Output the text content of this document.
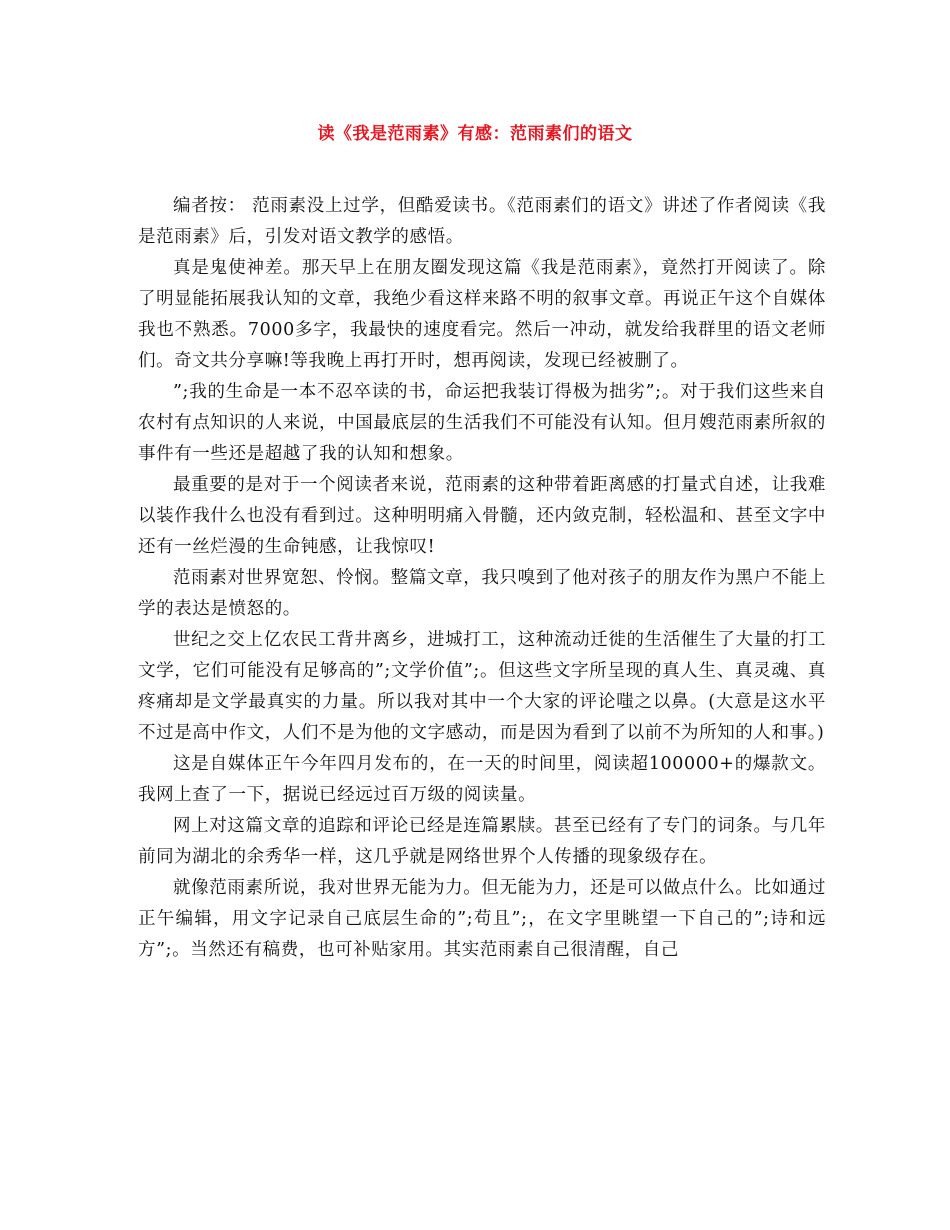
读《我是范雨素》有感：范雨素们的语文

编者按： 范雨素没上过学，但酷爱读书。《范雨素们的语文》讲述了作者阅读《我是范雨素》后，引发对语文教学的感悟。

真是鬼使神差。那天早上在朋友圈发现这篇《我是范雨素》，竟然打开阅读了。除了明显能拓展我认知的文章，我绝少看这样来路不明的叙事文章。再说正午这个自媒体我也不熟悉。7000多字，我最快的速度看完。然后一冲动，就发给我群里的语文老师们。奇文共分享嘛!等我晚上再打开时，想再阅读，发现已经被删了。

”;我的生命是一本不忍卒读的书，命运把我装订得极为拙劣”;。对于我们这些来自农村有点知识的人来说，中国最底层的生活我们不可能没有认知。但月嫂范雨素所叙的事件有一些还是超越了我的认知和想象。

最重要的是对于一个阅读者来说，范雨素的这种带着距离感的打量式自述，让我难以装作我什么也没有看到过。这种明明痛入骨髓，还内敛克制，轻松温和、甚至文字中还有一丝烂漫的生命钝感，让我惊叹!

范雨素对世界宽恕、怜悯。整篇文章，我只嗅到了他对孩子的朋友作为黑户不能上学的表达是愤怒的。

世纪之交上亿农民工背井离乡，进城打工，这种流动迁徙的生活催生了大量的打工文学，它们可能没有足够高的”;文学价值”;。但这些文字所呈现的真人生、真灵魂、真疼痛却是文学最真实的力量。所以我对其中一个大家的评论嗤之以鼻。(大意是这水平不过是高中作文，人们不是为他的文字感动，而是因为看到了以前不为所知的人和事。)

这是自媒体正午今年四月发布的，在一天的时间里，阅读超100000+的爆款文。我网上查了一下，据说已经远过百万级的阅读量。

网上对这篇文章的追踪和评论已经是连篇累牍。甚至已经有了专门的词条。与几年前同为湖北的余秀华一样，这几乎就是网络世界个人传播的现象级存在。

就像范雨素所说，我对世界无能为力。但无能为力，还是可以做点什么。比如通过正午编辑，用文字记录自己底层生命的”;苟且”;，在文字里眺望一下自己的”;诗和远方”;。当然还有稿费，也可补贴家用。其实范雨素自己很清醒，自己
